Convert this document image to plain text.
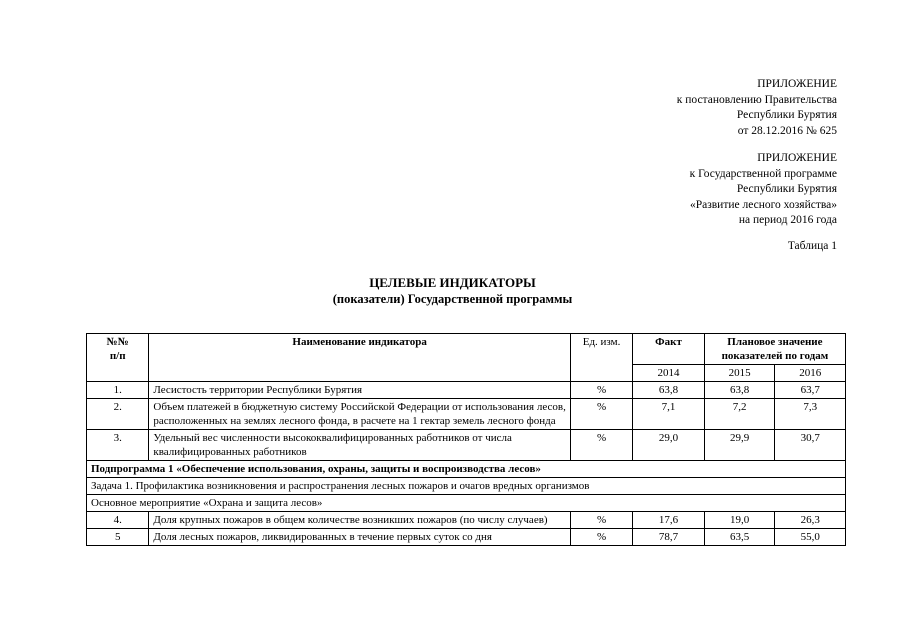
ПРИЛОЖЕНИЕ
к постановлению Правительства
Республики Бурятия
от 28.12.2016 № 625
ПРИЛОЖЕНИЕ
к Государственной программе
Республики Бурятия
«Развитие лесного хозяйства»
на период 2016 года
Таблица 1
ЦЕЛЕВЫЕ ИНДИКАТОРЫ
(показатели) Государственной программы
№№
п/п	Наименование индикатора	Ед. изм.	Факт	Плановое значение показателей по годам	
			2014	2015	2016
1.	Лесистость территории Республики Бурятия	%	63,8	63,8	63,7
2.	Объем платежей в бюджетную систему Российской Федерации от использования лесов, расположенных на землях лесного фонда, в расчете на 1 гектар земель лесного фонда	%	7,1	7,2	7,3
3.	Удельный вес численности высококвалифицированных работников от числа квалифицированных работников	%	29,0	29,9	30,7
Подпрограмма 1 «Обеспечение использования, охраны, защиты и воспроизводства лесов»					
Задача 1. Профилактика возникновения и распространения лесных пожаров и очагов вредных организмов					
Основное мероприятие «Охрана и защита лесов»					
4.	Доля крупных пожаров в общем количестве возникших пожаров (по числу случаев)	%	17,6	19,0	26,3
5	Доля лесных пожаров, ликвидированных в течение первых суток со дня	%	78,7	63,5	55,0
